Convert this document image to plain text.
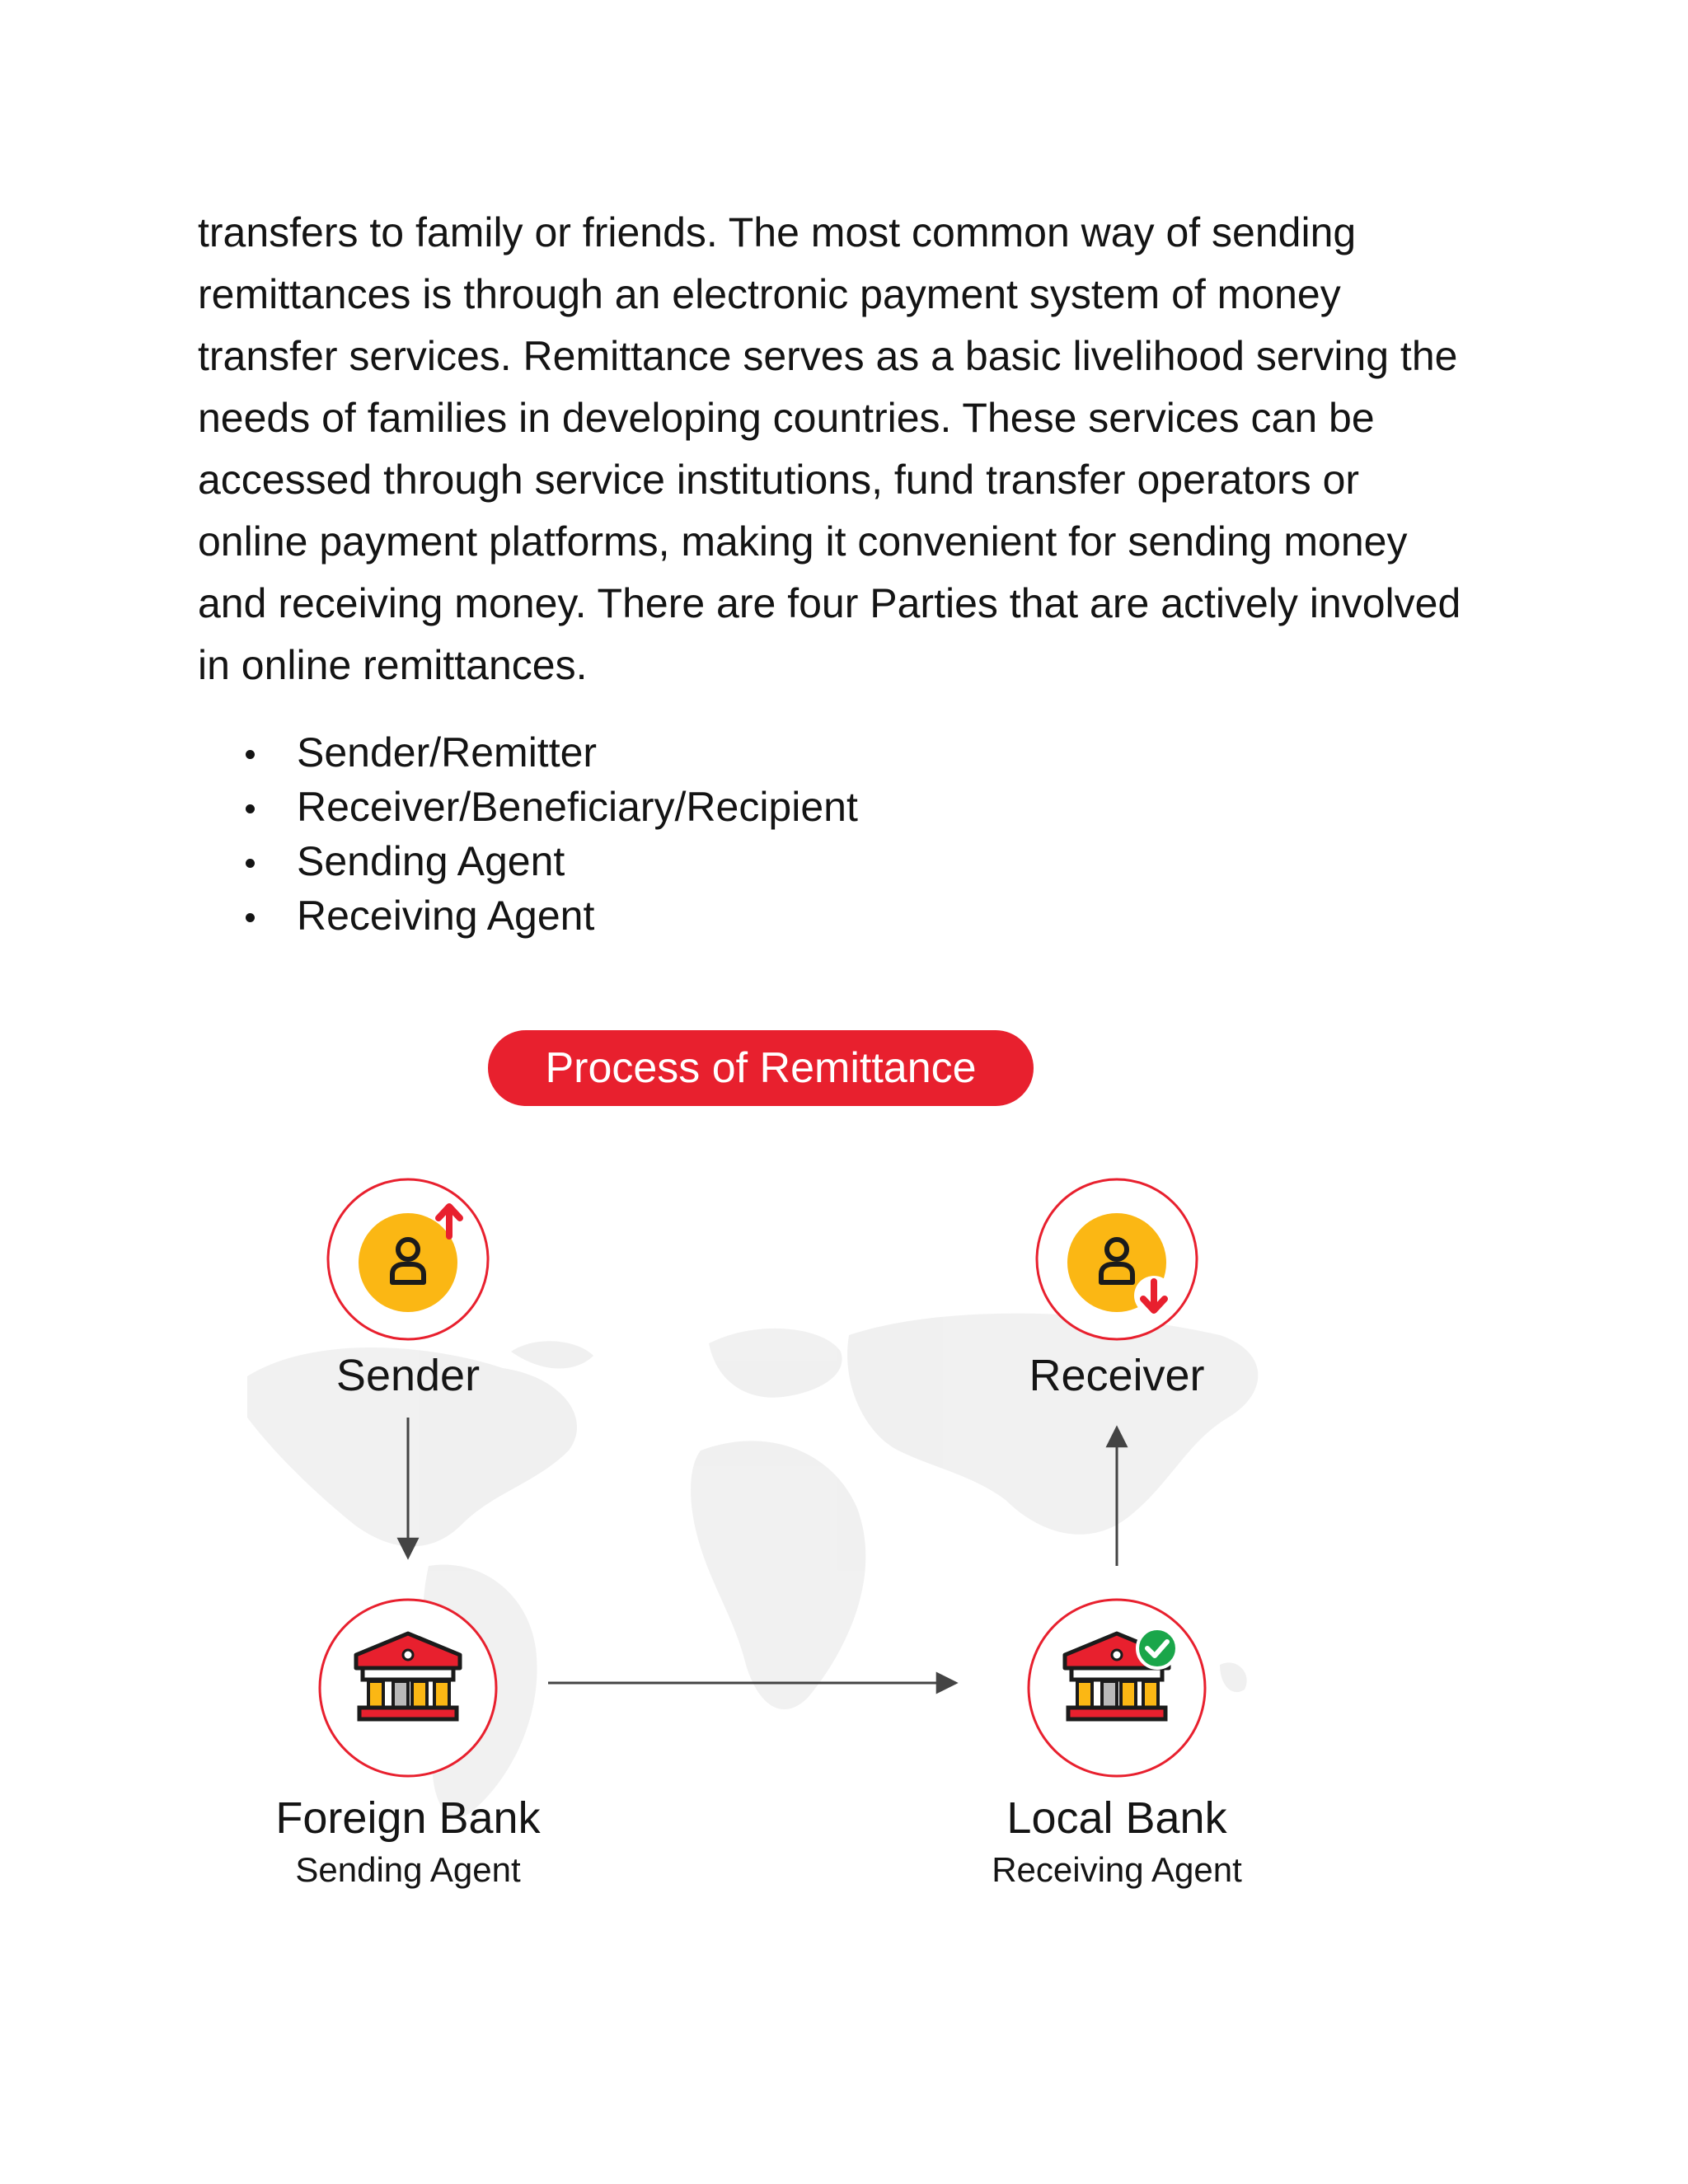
transfers to family or friends. The most common way of sending remittances is through an electronic payment system of money transfer services. Remittance serves as a basic livelihood serving the needs of families in developing countries. These services can be accessed through service institutions, fund transfer operators or online payment platforms, making it convenient for sending money and receiving money. There are four Parties that are actively involved in online remittances.

Sender/Remitter
Receiver/Beneficiary/Recipient
Sending Agent
Receiving Agent
Process of Remittance
Sender	Receiver
Foreign Bank
Sending Agent
Local Bank
Receiving Agent
